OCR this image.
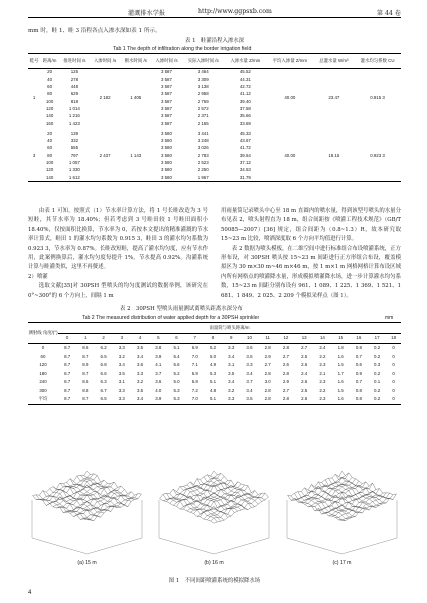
灌溉排水学报	http://www.ggpsxb.com	第 44 卷
mm 时，畦 1、畦 3 沿程各点入渗水深如表 1 所示。
表 1　畦灌沿程入渗水深
Tab 1 The depth of infiltration along the border irrigation field
畦号	距离/m	推进时间 /s	入渗时间 /s	断水时间 /s	入渗时间 /s	实际入渗时间 /s	入渗水量 Z/mm	平均入渗量 Z/mm	总灌水量 W/m³	灌水均匀系数 CU
1	20	125	2 182	1 405	3 587	3 464	45.52	40.00	23.47	0.915 3
	40	278			3 587	3 309	44.31			
	60	448			3 587	3 138	42.72			
	80	629			3 587	2 958	41.12			
	100	818			3 587	2 769	39.40			
	120	1 014			3 587	2 572	37.58			
	140	1 216			3 587	2 371	35.66			
	160	1 423			3 587	2 165	33.69			

3	20	139	2 437	1 143	3 580	3 441	45.33	40.00	18.15	0.923 3
	40	332			3 580	3 248	43.67			
	60	555			3 580	3 026	41.72			
	80	797			3 580	2 783	39.54			
	100	1 057			3 580	2 523	37.12			
	120	1 330			3 580	2 250	34.53			
	140	1 612			3 580	1 967	31.79			

由表 1 可知，按照式（1）节水率计算方法，将 1 号长畦改造为 3 号短畦，其节水率为 18.40%；但若考虑到 3 号畦田较 1 号畦田面积小 18.40%，仅按面积比换算，节水率为 0，若按本文提出的精准灌溉的节水率计算式，畦田 1 的灌水均匀系数为 0.915 3，畦田 3 的灌水均匀系数为 0.923 3，节水率为 0.87%。长畦改短畦，提高了灌水均匀度，应有节水作用，此案例换算后，灌水均匀度每提升 1%，节水提高 0.92%。沟灌系统计算与畦灌类似，这里不再赘述。

2）喷灌

选取文献[35]对 30PSH 型喷头的均匀度测试的数据举例，该研究在 0°~300°的 6 个方向上，间隔 1 m

用雨量筒记录喷头中心至 18 m 直圆内的喷水量，得到该型号喷头的水量分布见表 2，喷头射程直为 18 m，组合间距按《喷灌工程技术规范》（GB/T 50085—2007）[36] 规定，组合间距为（0.8~1.3）R，故本研究取 15~23 m 比较，喷洒深度取 6 个方向平均值进行计算。

表 2 数据为喷头模板，在二维空间中进行标准组合布设喷灌系统，正方形布设，对 30PSH 喷头按 15~23 m 间距进行正方形组合布设，覆盖模拟区为 30 m×30 m~46 m×46 m，按 1 m×1 m 网格网格计算布设区域内所有网格点的喷灌降水量，形成模拟喷灌降水场，进一步计算灌水均匀系数，15~23 m 间距分别布设有 961、1 089、1 225、1 369、1 521、1 681、1 849、2 025、2 209 个模拟采样点（图 1）。

表 2　30PSH 型喷头雨量测试离喷头距离水深分布
Tab 2 The measured distribution of water applied depth for a 30PSH sprinkler	mm
测射线 角度/(°)	雨量筒与喷头距离/m																		
	0	1	2	3	4	5	6	7	8	9	10	11	12	13	14	15	16	17	18
0	8.7	8.6	6.2	3.3	3.5	3.8	5.1	6.9	5.2	3.3	3.6	2.8	2.8	2.7	2.4	1.8	0.8	0.2	0
60	8.7	8.7	6.5	3.2	3.4	3.9	5.4	7.0	5.0	3.4	3.5	2.9	2.7	2.5	2.2	1.6	0.7	0.2	0
120	8.7	8.9	6.8	3.4	3.6	4.1	5.6	7.1	4.9	3.1	3.3	2.7	2.6	2.6	2.3	1.5	0.6	0.3	0
180	8.7	8.7	6.6	3.5	3.3	3.7	5.2	6.9	5.3	3.5	3.4	2.8	2.8	2.4	2.1	1.7	0.9	0.2	0
240	8.7	8.6	6.3	3.1	3.2	3.6	5.0	6.8	5.1	3.4	3.7	3.0	2.9	2.6	2.3	1.6	0.7	0.1	0
300	8.7	8.8	6.7	3.3	3.5	4.0	5.3	7.2	4.8	3.2	3.4	2.8	2.7	2.5	2.2	1.5	0.8	0.2	0
平均	8.7	8.7	6.5	3.3	3.4	3.9	5.3	7.0	5.1	3.3	3.5	2.8	2.8	2.6	2.3	1.6	0.8	0.2	0
(a) 15 m	(b) 16 m	(c) 17 m
图 1　不同间距喷灌系统的模拟降水场
4
